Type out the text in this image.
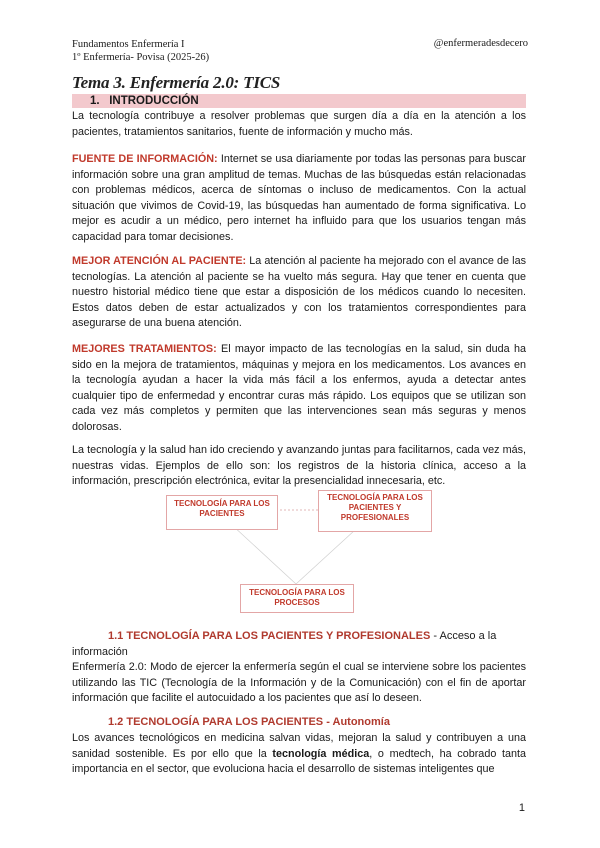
Fundamentos Enfermería I
1º Enfermería- Povisa (2025-26)
@enfermeradesdecero
Tema 3. Enfermería 2.0: TICS
1. INTRODUCCIÓN

La tecnología contribuye a resolver problemas que surgen día a día en la atención a los pacientes, tratamientos sanitarios, fuente de información y mucho más.

FUENTE DE INFORMACIÓN: Internet se usa diariamente por todas las personas para buscar información sobre una gran amplitud de temas. Muchas de las búsquedas están relacionadas con problemas médicos, acerca de síntomas o incluso de medicamentos. Con la actual situación que vivimos de Covid-19, las búsquedas han aumentado de forma significativa. Lo mejor es acudir a un médico, pero internet ha influido para que los usuarios tengan más capacidad para tomar decisiones.

MEJOR ATENCIÓN AL PACIENTE: La atención al paciente ha mejorado con el avance de las tecnologías. La atención al paciente se ha vuelto más segura. Hay que tener en cuenta que nuestro historial médico tiene que estar a disposición de los médicos cuando lo necesiten. Estos datos deben de estar actualizados y con los tratamientos correspondientes para asegurarse de una buena atención.

MEJORES TRATAMIENTOS: El mayor impacto de las tecnologías en la salud, sin duda ha sido en la mejora de tratamientos, máquinas y mejora en los medicamentos. Los avances en la tecnología ayudan a hacer la vida más fácil a los enfermos, ayuda a detectar antes cualquier tipo de enfermedad y encontrar curas más rápido. Los equipos que se utilizan son cada vez más completos y permiten que las intervenciones sean más seguras y menos dolorosas.

La tecnología y la salud han ido creciendo y avanzando juntas para facilitarnos, cada vez más, nuestras vidas. Ejemplos de ello son: los registros de la historia clínica, acceso a la información, prescripción electrónica, evitar la presencialidad innecesaria, etc.

TECNOLOGÍA PARA LOS
PACIENTES
TECNOLOGÍA PARA LOS
PACIENTES Y
PROFESIONALES
TECNOLOGÍA PARA LOS
PROCESOS
1.1 TECNOLOGÍA PARA LOS PACIENTES Y PROFESIONALES - Acceso a la
información

Enfermería 2.0: Modo de ejercer la enfermería según el cual se interviene sobre los pacientes utilizando las TIC (Tecnología de la Información y de la Comunicación) con el fin de aportar información que facilite el autocuidado a los pacientes que así lo deseen.

1.2 TECNOLOGÍA PARA LOS PACIENTES - Autonomía

Los avances tecnológicos en medicina salvan vidas, mejoran la salud y contribuyen a una sanidad sostenible. Es por ello que la tecnología médica, o medtech, ha cobrado tanta importancia en el sector, que evoluciona hacia el desarrollo de sistemas inteligentes que

1
